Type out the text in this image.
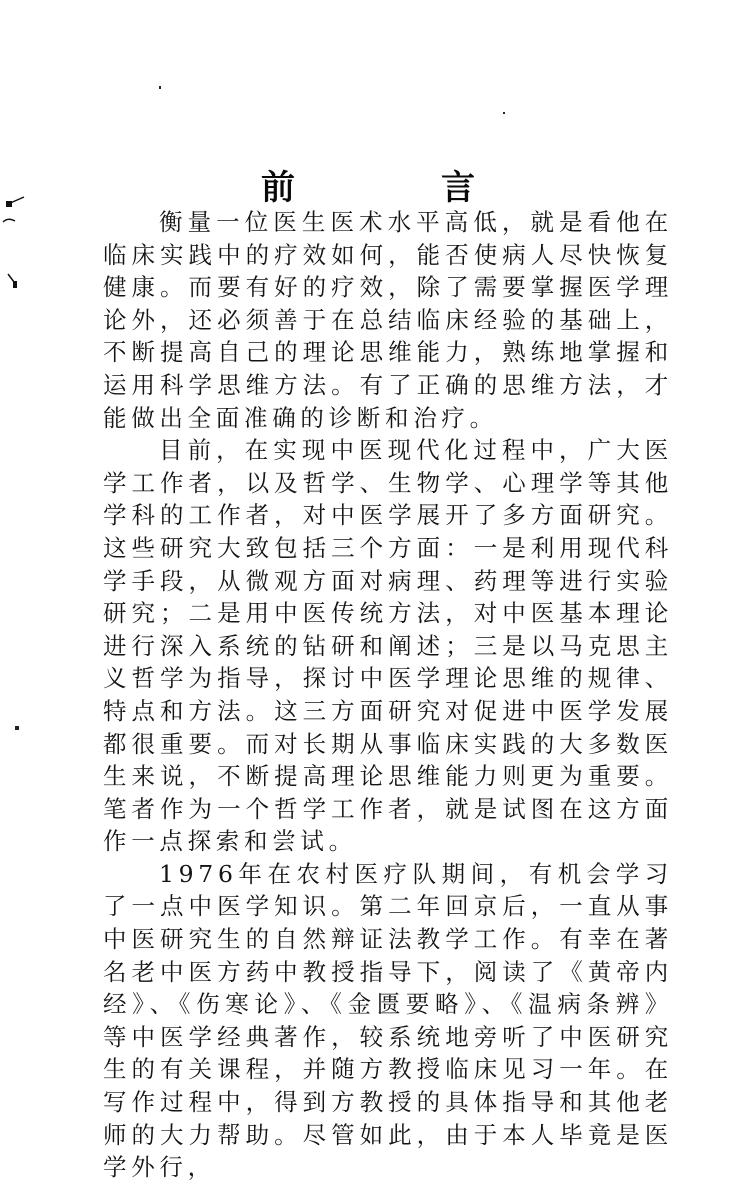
前　言

衡量一位医生医术水平高低，就是看他在临床实践中的疗效如何，能否使病人尽快恢复健康。而要有好的疗效，除了需要掌握医学理论外，还必须善于在总结临床经验的基础上，不断提高自己的理论思维能力，熟练地掌握和运用科学思维方法。有了正确的思维方法，才能做出全面准确的诊断和治疗。

目前，在实现中医现代化过程中，广大医学工作者，以及哲学、生物学、心理学等其他学科的工作者，对中医学展开了多方面研究。这些研究大致包括三个方面：一是利用现代科学手段，从微观方面对病理、药理等进行实验研究；二是用中医传统方法，对中医基本理论进行深入系统的钻研和阐述；三是以马克思主义哲学为指导，探讨中医学理论思维的规律、特点和方法。这三方面研究对促进中医学发展都很重要。而对长期从事临床实践的大多数医生来说，不断提高理论思维能力则更为重要。笔者作为一个哲学工作者，就是试图在这方面作一点探索和尝试。

1976年在农村医疗队期间，有机会学习了一点中医学知识。第二年回京后，一直从事中医研究生的自然辩证法教学工作。有幸在著名老中医方药中教授指导下，阅读了《黄帝内经》、《伤寒论》、《金匮要略》、《温病条辨》等中医学经典著作，较系统地旁听了中医研究生的有关课程，并随方教授临床见习一年。在写作过程中，得到方教授的具体指导和其他老师的大力帮助。尽管如此，由于本人毕竟是医学外行，
